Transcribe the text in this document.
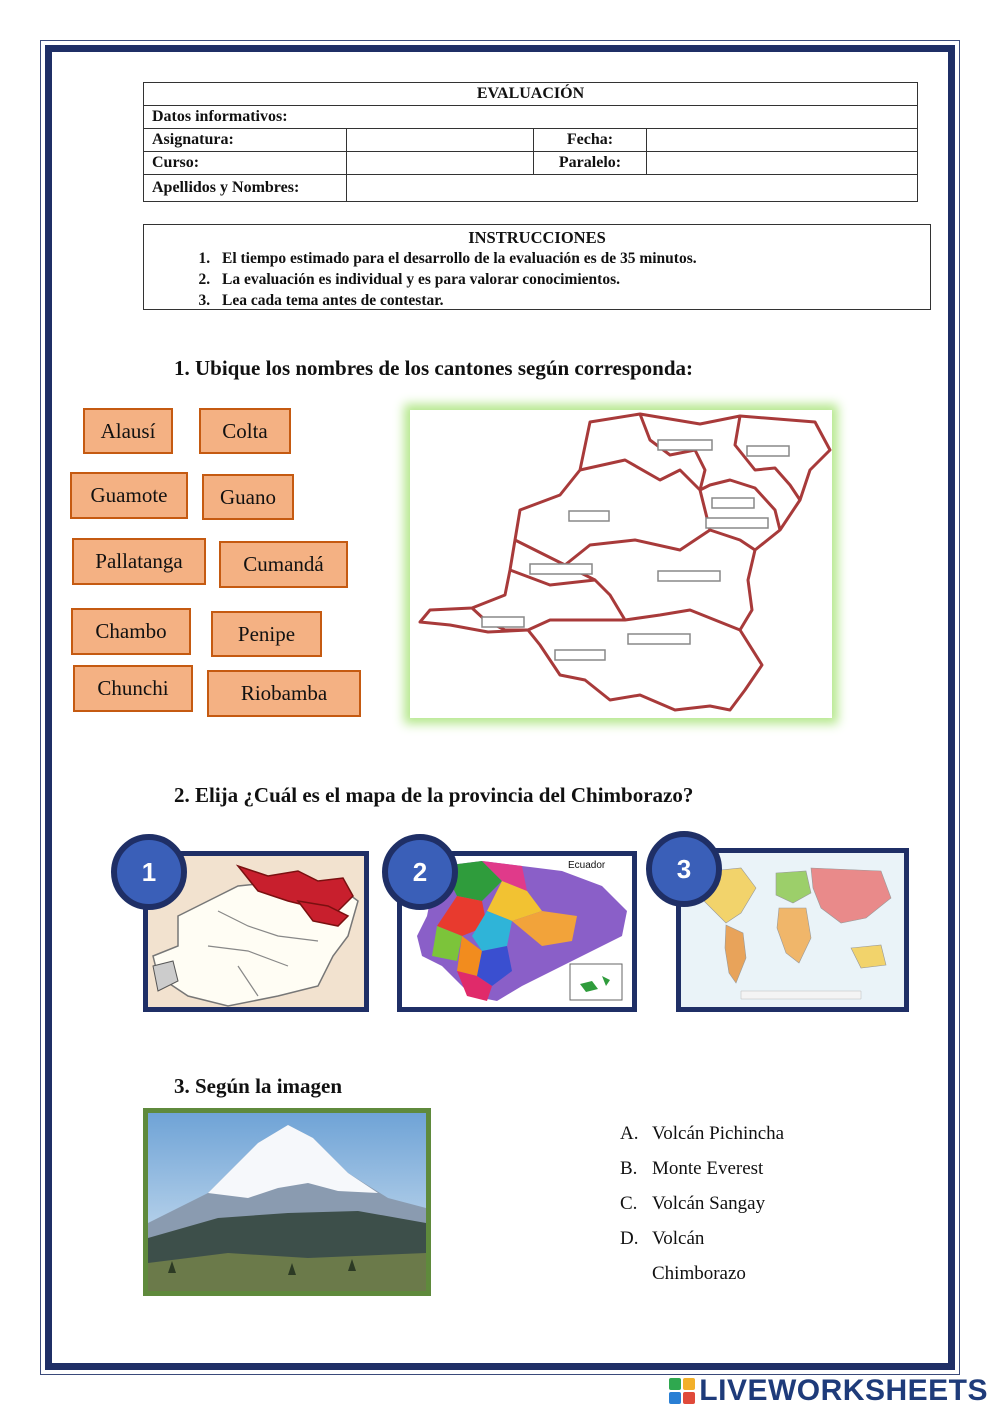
EVALUACIÓN			
Datos informativos:			
Asignatura:		Fecha:	
Curso:		Paralelo:	
Apellidos y Nombres:			
INSTRUCCIONES
1. El tiempo estimado para el desarrollo de la evaluación es de 35 minutos.
2. La evaluación es individual y es para valorar conocimientos.
3. Lea cada tema antes de contestar.
1. Ubique los nombres de los cantones según corresponda:
Alausí	Colta
Guamote	Guano
Pallatanga	Cumandá
Chambo	Penipe
Chunchi	Riobamba
2. Elija ¿Cuál es el mapa de la provincia del Chimborazo?
1	Ecuador
2	3
3. Según la imagen
A. Volcán Pichincha
B. Monte Everest
C. Volcán Sangay
D. Volcán
Chimborazo
LIVEWORKSHEETS
